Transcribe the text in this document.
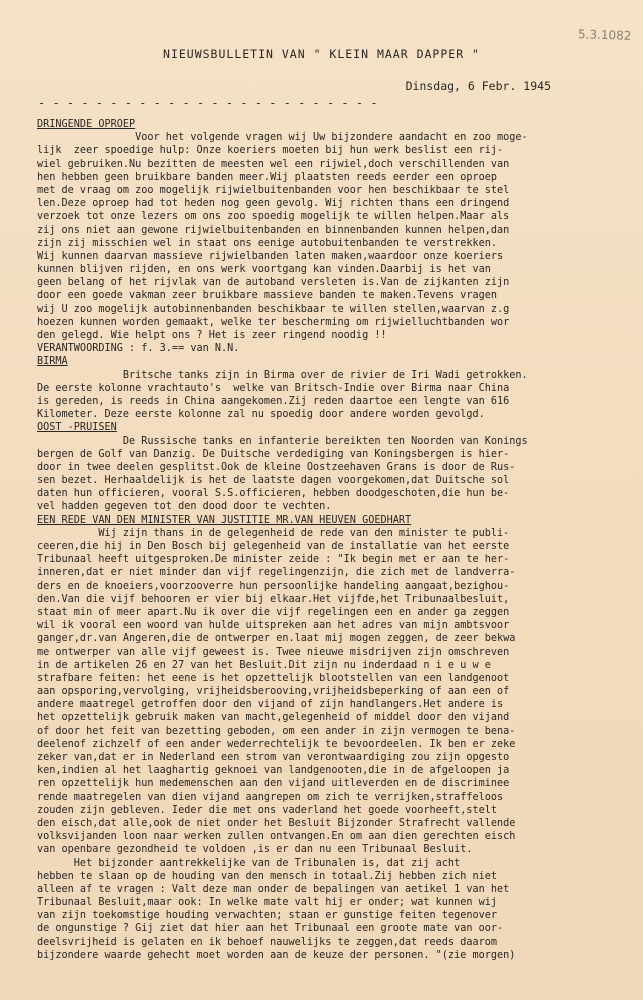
5.3.1082
NIEUWSBULLETIN VAN " KLEIN MAAR DAPPER "
Dinsdag, 6 Febr. 1945
- - - - - - - - - - - - - - - - - - - - - - - -
DRINGENDE OPROEP
Voor het volgende vragen wij Uw bijzondere aandacht en zoo moge-
lijk  zeer spoedige hulp: Onze koeriers moeten bij hun werk beslist een rij-
wiel gebruiken.Nu bezitten de meesten wel een rijwiel,doch verschillenden van
hen hebben geen bruikbare banden meer.Wij plaatsten reeds eerder een oproep
met de vraag om zoo mogelijk rijwielbuitenbanden voor hen beschikbaar te stel
len.Deze oproep had tot heden nog geen gevolg. Wij richten thans een dringend
verzoek tot onze lezers om ons zoo spoedig mogelijk te willen helpen.Maar als
zij ons niet aan gewone rijwielbuitenbanden en binnenbanden kunnen helpen,dan
zijn zij misschien wel in staat ons eenige autobuitenbanden te verstrekken.
Wij kunnen daarvan massieve rijwielbanden laten maken,waardoor onze koeriers
kunnen blijven rijden, en ons werk voortgang kan vinden.Daarbij is het van
geen belang of het rijvlak van de autoband versleten is.Van de zijkanten zijn
door een goede vakman zeer bruikbare massieve banden te maken.Tevens vragen
wij U zoo mogelijk autobinnenbanden beschikbaar te willen stellen,waarvan z.g
hoezen kunnen worden gemaakt, welke ter bescherming om rijwielluchtbanden wor
den gelegd. Wie helpt ons ? Het is zeer ringend noodig !!
VERANTWOORDING : f. 3.== van N.N.
BIRMA
Britsche tanks zijn in Birma over de rivier de Iri Wadi getrokken.
De eerste kolonne vrachtauto's  welke van Britsch-Indie over Birma naar China
is gereden, is reeds in China aangekomen.Zij reden daartoe een lengte van 616
Kilometer. Deze eerste kolonne zal nu spoedig door andere worden gevolgd.
OOST -PRUISEN
De Russische tanks en infanterie bereikten ten Noorden van Konings
bergen de Golf van Danzig. De Duitsche verdediging van Koningsbergen is hier-
door in twee deelen gesplitst.Ook de kleine Oostzeehaven Grans is door de Rus-
sen bezet. Herhaaldelijk is het de laatste dagen voorgekomen,dat Duitsche sol
daten hun officieren, vooral S.S.officieren, hebben doodgeschoten,die hun be-
vel hadden gegeven tot den dood door te vechten.
EEN REDE VAN DEN MINISTER VAN JUSTITIE MR.VAN HEUVEN GOEDHART
Wij zijn thans in de gelegenheid de rede van den minister te publi-
ceeren,die hij in Den Bosch bij gelegenheid van de installatie van het eerste
Tribunaal heeft uitgesproken.De minister zeide : "Ik begin met er aan te her-
inneren,dat er niet minder dan vijf regelingenzijn, die zich met de landverra-
ders en de knoeiers,voorzooverre hun persoonlijke handeling aangaat,bezighou-
den.Van die vijf behooren er vier bij elkaar.Het vijfde,het Tribunaalbesluit,
staat min of meer apart.Nu ik over die vijf regelingen een en ander ga zeggen
wil ik vooral een woord van hulde uitspreken aan het adres van mijn ambtsvoor
ganger,dr.van Angeren,die de ontwerper en.laat mij mogen zeggen, de zeer bekwa
me ontwerper van alle vijf geweest is. Twee nieuwe misdrijven zijn omschreven
in de artikelen 26 en 27 van het Besluit.Dit zijn nu inderdaad n i e u w e
strafbare feiten: het eene is het opzettelijk blootstellen van een landgenoot
aan opsporing,vervolging, vrijheidsberooving,vrijheidsbeperking of aan een of
andere maatregel getroffen door den vijand of zijn handlangers.Het andere is
het opzettelijk gebruik maken van macht,gelegenheid of middel door den vijand
of door het feit van bezetting geboden, om een ander in zijn vermogen te bena-
deelenof zichzelf of een ander wederrechtelijk te bevoordeelen. Ik ben er zeke
zeker van,dat er in Nederland een strom van verontwaardiging zou zijn opgesto
ken,indien al het laaghartig geknoei van landgenooten,die in de afgeloopen ja
ren opzettelijk hun medemenschen aan den vijand uitleverden en de discriminee
rende maatregelen van dien vijand aangrepen om zich te verrijken,straffeloos
zouden zijn gebleven. Ieder die met ons vaderland het goede voorheeft,stelt
den eisch,dat alle,ook de niet onder het Besluit Bijzonder Strafrecht vallende
volksvijanden loon naar werken zullen ontvangen.En om aan dien gerechten eisch
van openbare gezondheid te voldoen ,is er dan nu een Tribunaal Besluit.
Het bijzonder aantrekkelijke van de Tribunalen is, dat zij acht
hebben te slaan op de houding van den mensch in totaal.Zij hebben zich niet
alleen af te vragen : Valt deze man onder de bepalingen van aetikel 1 van het
Tribunaal Besluit,maar ook: In welke mate valt hij er onder; wat kunnen wij
van zijn toekomstige houding verwachten; staan er gunstige feiten tegenover
de ongunstige ? Gij ziet dat hier aan het Tribunaal een groote mate van oor-
deelsvrijheid is gelaten en ik behoef nauwelijks te zeggen,dat reeds daarom
bijzondere waarde gehecht moet worden aan de keuze der personen. "(zie morgen)
